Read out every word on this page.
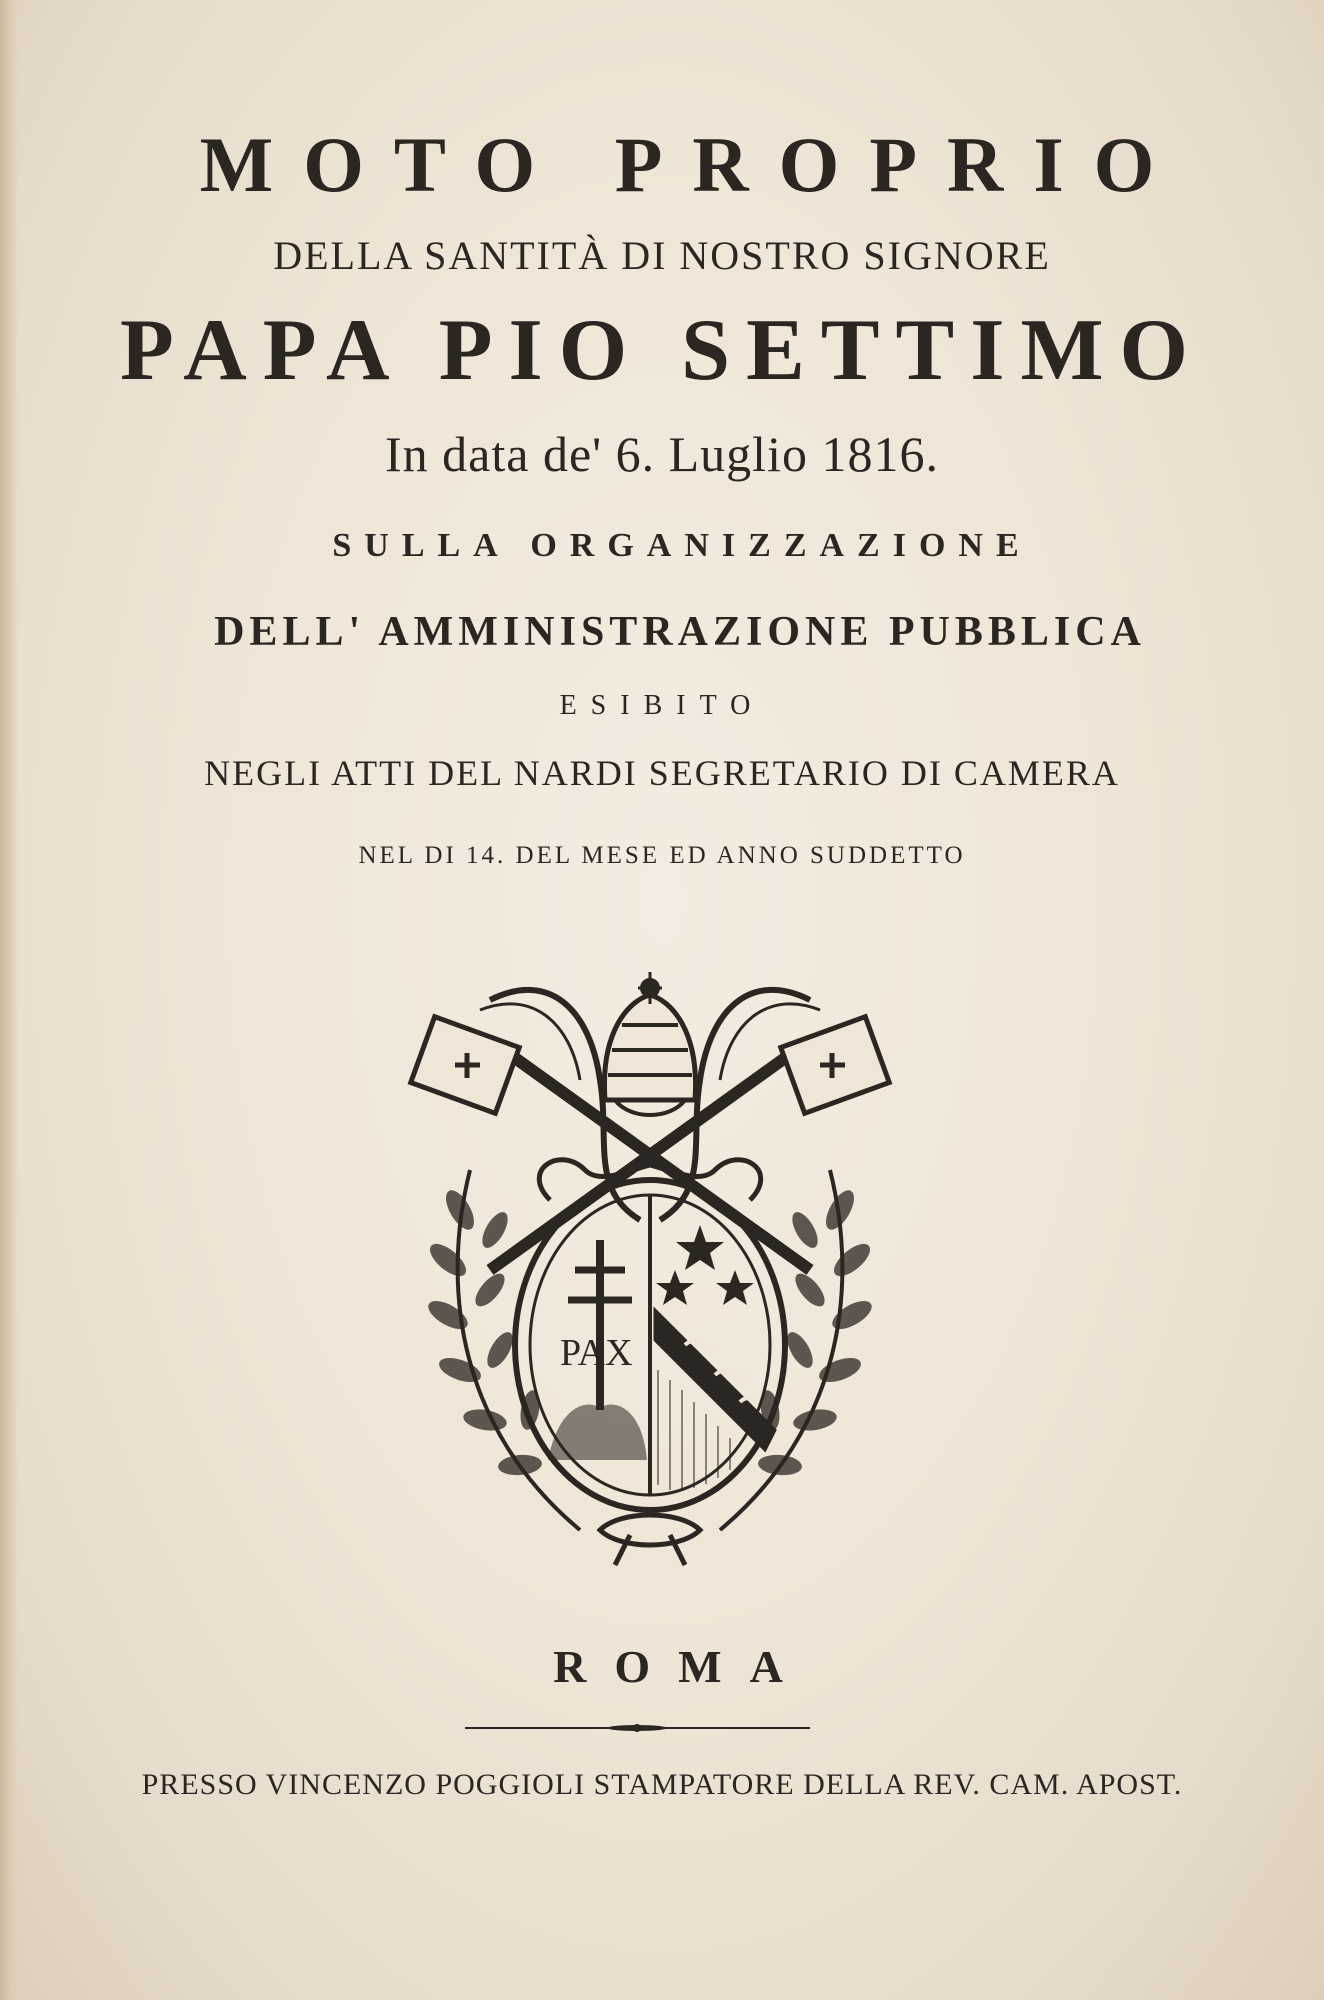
MOTO PROPRIO
DELLA SANTITÀ DI NOSTRO SIGNORE
PAPA PIO SETTIMO
In data de' 6. Luglio 1816.
SULLA ORGANIZZAZIONE
DELL' AMMINISTRAZIONE PUBBLICA
ESIBITO
NEGLI ATTI DEL NARDI SEGRETARIO DI CAMERA
NEL DI 14. DEL MESE ED ANNO SUDDETTO
PAX
ROMA
PRESSO VINCENZO POGGIOLI STAMPATORE DELLA REV. CAM. APOST.
